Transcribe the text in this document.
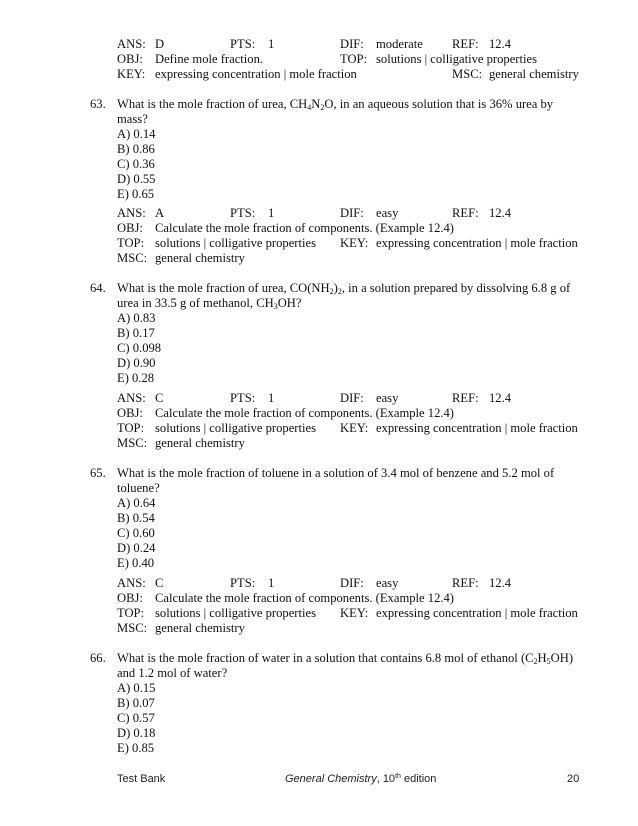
ANS: D	PTS: 1	DIF: moderate REF: 12.4
OBJ: Define mole fraction.	TOP: solutions | colligative properties
KEY: expressing concentration | mole fraction	MSC: general chemistry
63. What is the mole fraction of urea, $CH_4N_2O$, in an aqueous solution that is 36% urea by
mass?
A) 0.14
B) 0.86
C) 0.36
D) 0.55
E) 0.65
ANS: A	PTS: 1	DIF: easy	REF: 12.4
OBJ: Calculate the mole fraction of components. (Example 12.4)
TOP: solutions | colligative properties KEY: expressing concentration | mole fraction
MSC: general chemistry
64. What is the mole fraction of urea, $CO(NH_2)_2$, in a solution prepared by dissolving 6.8 g of
urea in 33.5 g of methanol, $CH_3OH$?
A) 0.83
B) 0.17
C) 0.098
D) 0.90
E) 0.28
ANS: C	PTS: 1	DIF: easy	REF: 12.4
OBJ: Calculate the mole fraction of components. (Example 12.4)
TOP: solutions | colligative properties KEY: expressing concentration | mole fraction
MSC: general chemistry
65. What is the mole fraction of toluene in a solution of 3.4 mol of benzene and 5.2 mol of
toluene?
A) 0.64
B) 0.54
C) 0.60
D) 0.24
E) 0.40
ANS: C	PTS: 1	DIF: easy	REF: 12.4
OBJ: Calculate the mole fraction of components. (Example 12.4)
TOP: solutions | colligative properties KEY: expressing concentration | mole fraction
MSC: general chemistry
66. What is the mole fraction of water in a solution that contains 6.8 mol of ethanol $(C_2H_5OH)$
and 1.2 mol of water?
A) 0.15
B) 0.07
C) 0.57
D) 0.18
E) 0.85
Test Bank	General Chemistry, 10th edition	20
